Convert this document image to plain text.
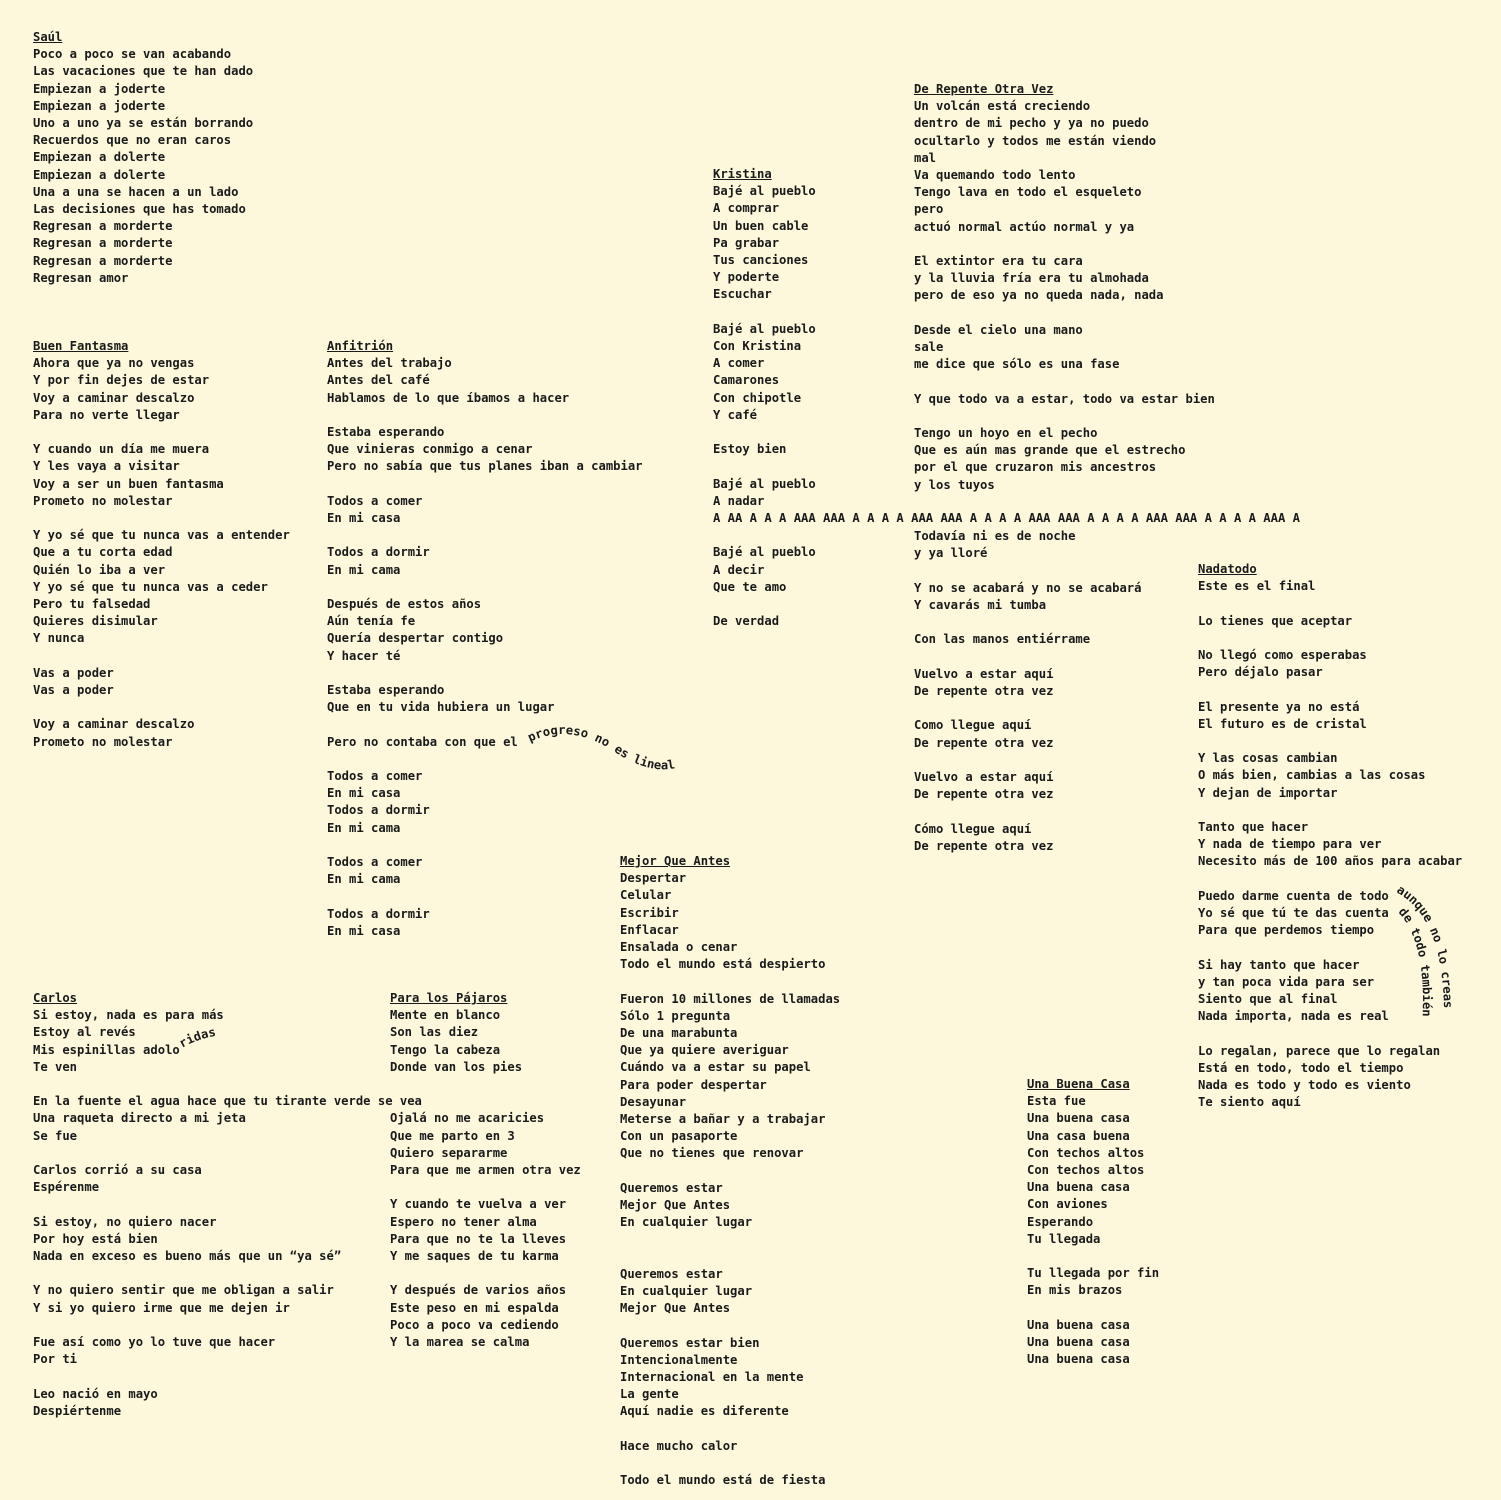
Saúl
Poco a poco se van acabando
Las vacaciones que te han dado
Empiezan a joderte
Empiezan a joderte
Uno a uno ya se están borrando
Recuerdos que no eran caros
Empiezan a dolerte
Empiezan a dolerte
Una a una se hacen a un lado
Las decisiones que has tomado
Regresan a morderte
Regresan a morderte
Regresan a morderte
Regresan amor
Buen Fantasma
Ahora que ya no vengas
Y por fin dejes de estar
Voy a caminar descalzo
Para no verte llegar
Y cuando un día me muera
Y les vaya a visitar
Voy a ser un buen fantasma
Prometo no molestar
Y yo sé que tu nunca vas a entender
Que a tu corta edad
Quién lo iba a ver
Y yo sé que tu nunca vas a ceder
Pero tu falsedad
Quieres disimular
Y nunca
Vas a poder
Vas a poder
Voy a caminar descalzo
Prometo no molestar
Anfitrión
Antes del trabajo
Antes del café
Hablamos de lo que íbamos a hacer
Estaba esperando
Que vinieras conmigo a cenar
Pero no sabía que tus planes iban a cambiar
Todos a comer
En mi casa
Todos a dormir
En mi cama
Después de estos años
Aún tenía fe
Quería despertar contigo
Y hacer té
Estaba esperando
Que en tu vida hubiera un lugar
Pero no contaba con que el
Todos a comer
En mi casa
Todos a dormir
En mi cama
Todos a comer
En mi cama
Todos a dormir
En mi casa
Kristina
Bajé al pueblo
A comprar
Un buen cable
Pa grabar
Tus canciones
Y poderte
Escuchar
Bajé al pueblo
Con Kristina
A comer
Camarones
Con chipotle
Y café
Estoy bien
Bajé al pueblo
A nadar
A AA A A A AAA AAA A A A A AAA AAA A A A A AAA AAA A A A A AAA AAA A A A A AAA A
Bajé al pueblo
A decir
Que te amo
De verdad
De Repente Otra Vez
Un volcán está creciendo
dentro de mi pecho y ya no puedo
ocultarlo y todos me están viendo
mal
Va quemando todo lento
Tengo lava en todo el esqueleto
pero
actuó normal actúo normal y ya
El extintor era tu cara
y la lluvia fría era tu almohada
pero de eso ya no queda nada, nada
Desde el cielo una mano
sale
me dice que sólo es una fase
Y que todo va a estar, todo va estar bien
Tengo un hoyo en el pecho
Que es aún mas grande que el estrecho
por el que cruzaron mis ancestros
y los tuyos
Todavía ni es de noche
y ya lloré
Y no se acabará y no se acabará
Y cavarás mi tumba
Con las manos entiérrame
Vuelvo a estar aquí
De repente otra vez
Como llegue aquí
De repente otra vez
Vuelvo a estar aquí
De repente otra vez
Cómo llegue aquí
De repente otra vez
Nadatodo
Este es el final
Lo tienes que aceptar
No llegó como esperabas
Pero déjalo pasar
El presente ya no está
El futuro es de cristal
Y las cosas cambian
O más bien, cambias a las cosas
Y dejan de importar
Tanto que hacer
Y nada de tiempo para ver
Necesito más de 100 años para acabar
Puedo darme cuenta de todo
Yo sé que tú te das cuenta
Para que perdemos tiempo
Si hay tanto que hacer
y tan poca vida para ser
Siento que al final
Nada importa, nada es real
Lo regalan, parece que lo regalan
Está en todo, todo el tiempo
Nada es todo y todo es viento
Te siento aquí
Mejor Que Antes
Despertar
Celular
Escribir
Enflacar
Ensalada o cenar
Todo el mundo está despierto
Fueron 10 millones de llamadas
Sólo 1 pregunta
De una marabunta
Que ya quiere averiguar
Cuándo va a estar su papel
Para poder despertar
Desayunar
Meterse a bañar y a trabajar
Con un pasaporte
Que no tienes que renovar
Queremos estar
Mejor Que Antes
En cualquier lugar
Queremos estar
En cualquier lugar
Mejor Que Antes
Queremos estar bien
Intencionalmente
Internacional en la mente
La gente
Aquí nadie es diferente
Hace mucho calor
Todo el mundo está de fiesta
Carlos
Si estoy, nada es para más
Estoy al revés
Mis espinillas adolo
Te ven
En la fuente el agua hace que tu tirante verde se vea
Una raqueta directo a mi jeta
Se fue
Carlos corrió a su casa
Espérenme
Si estoy, no quiero nacer
Por hoy está bien
Nada en exceso es bueno más que un “ya sé”
Y no quiero sentir que me obligan a salir
Y si yo quiero irme que me dejen ir
Fue así como yo lo tuve que hacer
Por ti
Leo nació en mayo
Despiértenme
Para los Pájaros
Mente en blanco
Son las diez
Tengo la cabeza
Donde van los pies
Ojalá no me acaricies
Que me parto en 3
Quiero separarme
Para que me armen otra vez
Y cuando te vuelva a ver
Espero no tener alma
Para que no te la lleves
Y me saques de tu karma
Y después de varios años
Este peso en mi espalda
Poco a poco va cediendo
Y la marea se calma
Una Buena Casa
Esta fue
Una buena casa
Una casa buena
Con techos altos
Con techos altos
Una buena casa
Con aviones
Esperando
Tu llegada
Tu llegada por fin
En mis brazos
Una buena casa
Una buena casa
Una buena casa
progreso no es lineal
ridas
aunque no lo creas
de todo también
